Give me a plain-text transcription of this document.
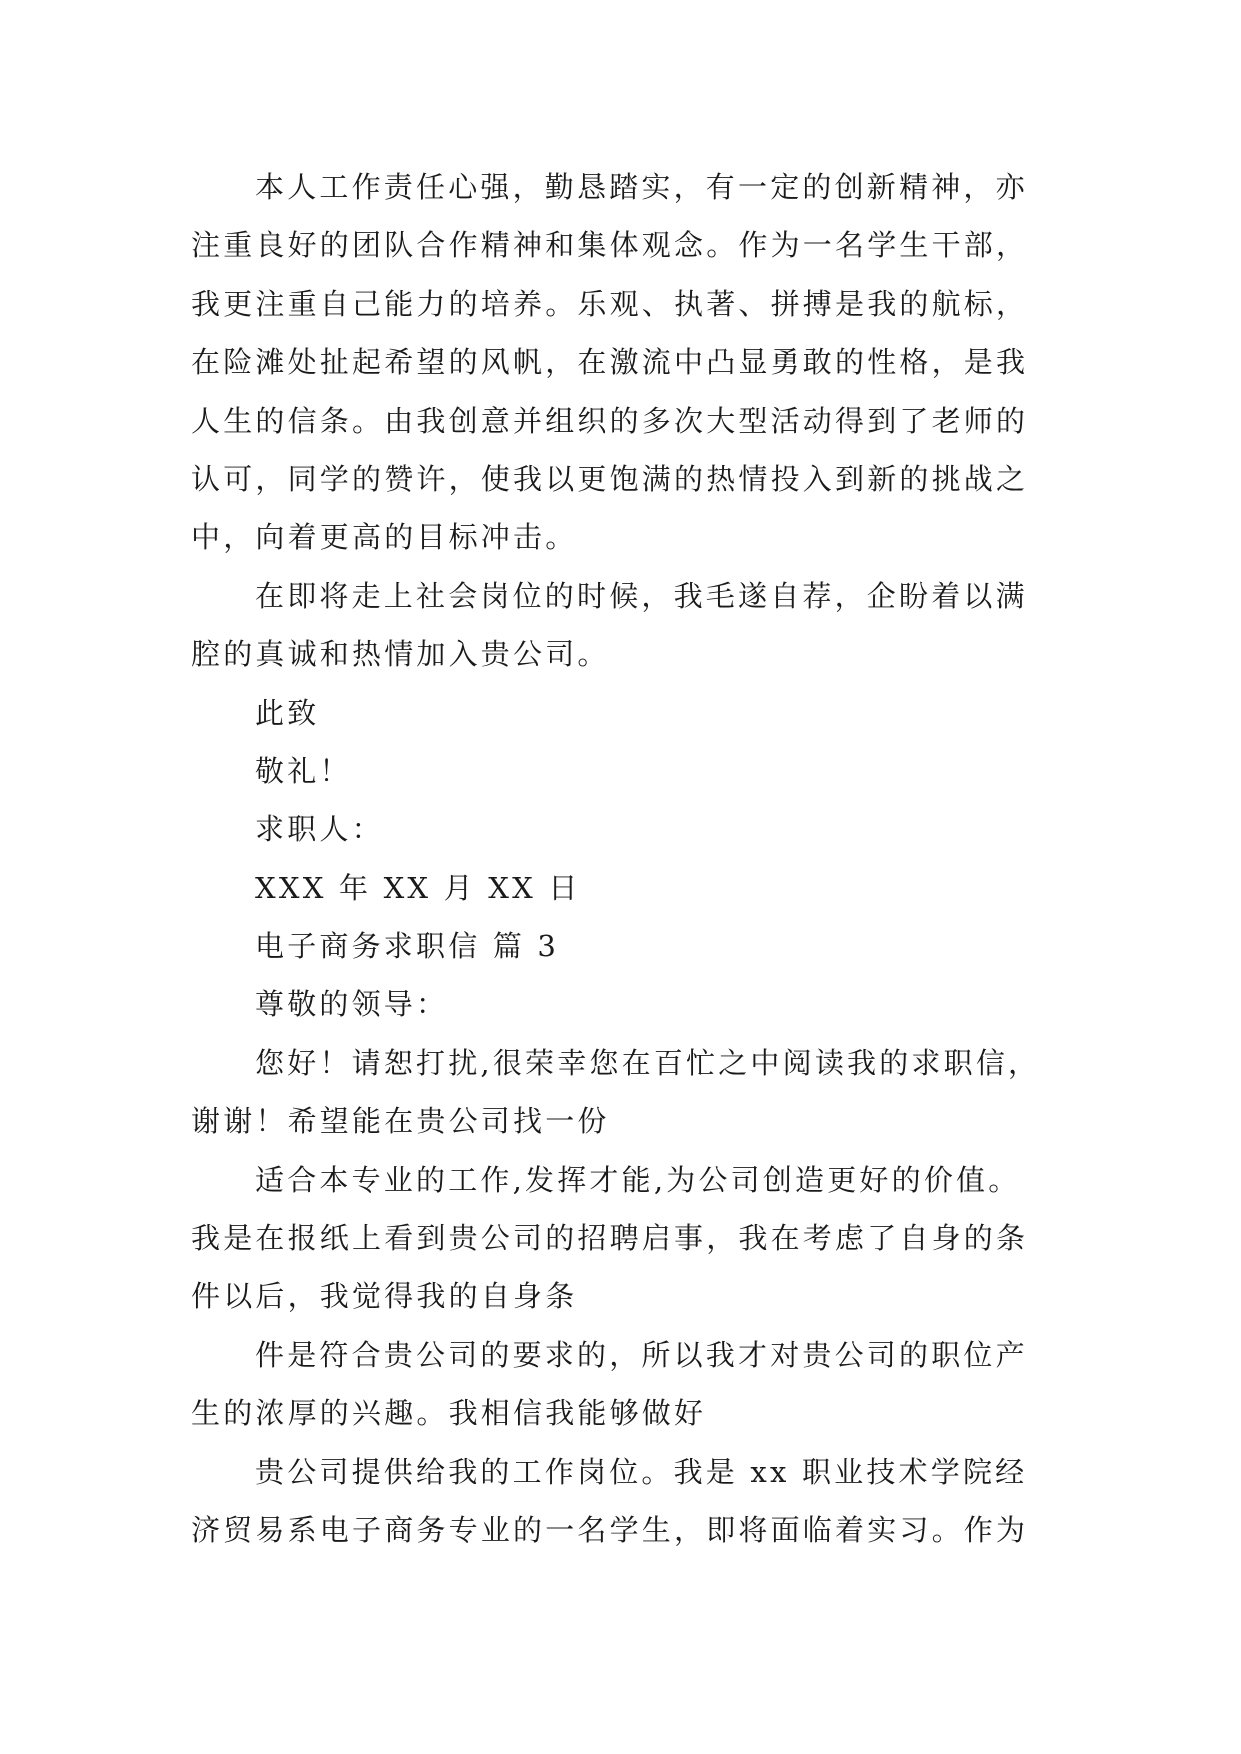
本人工作责任心强，勤恳踏实，有一定的创新精神，亦
注重良好的团队合作精神和集体观念。作为一名学生干部，
我更注重自己能力的培养。乐观、执著、拼搏是我的航标，
在险滩处扯起希望的风帆，在激流中凸显勇敢的性格，是我
人生的信条。由我创意并组织的多次大型活动得到了老师的
认可，同学的赞许，使我以更饱满的热情投入到新的挑战之
中，向着更高的目标冲击。
在即将走上社会岗位的时候，我毛遂自荐，企盼着以满
腔的真诚和热情加入贵公司。
此致
敬礼！
求职人：
XXX 年 XX 月 XX 日
电子商务求职信 篇 3
尊敬的领导：
您好！请恕打扰,很荣幸您在百忙之中阅读我的求职信，
谢谢！希望能在贵公司找一份
适合本专业的工作,发挥才能,为公司创造更好的价值。
我是在报纸上看到贵公司的招聘启事，我在考虑了自身的条
件以后，我觉得我的自身条
件是符合贵公司的要求的，所以我才对贵公司的职位产
生的浓厚的兴趣。我相信我能够做好
贵公司提供给我的工作岗位。我是 xx 职业技术学院经
济贸易系电子商务专业的一名学生，即将面临着实习。作为
